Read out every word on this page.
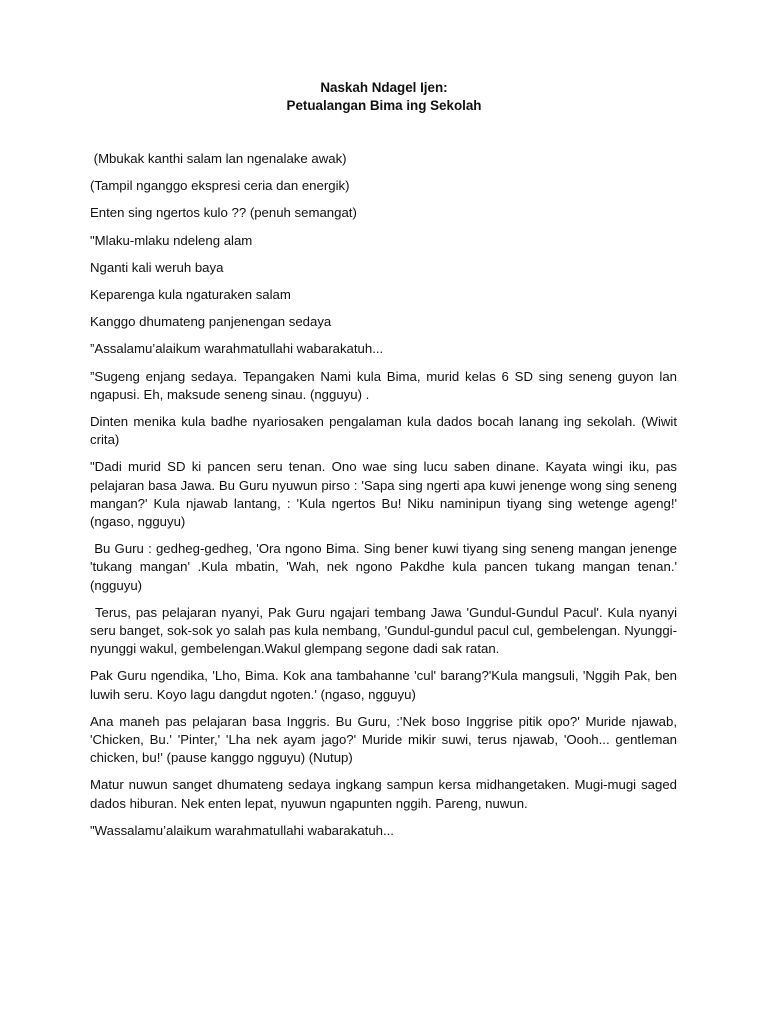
Naskah Ndagel Ijen:
Petualangan Bima ing Sekolah

(Mbukak kanthi salam lan ngenalake awak)

(Tampil nganggo ekspresi ceria dan energik)

Enten sing ngertos kulo ?? (penuh semangat)

"Mlaku-mlaku ndeleng alam

Nganti kali weruh baya

Keparenga kula ngaturaken salam

Kanggo dhumateng panjenengan sedaya

”Assalamu’alaikum warahmatullahi wabarakatuh...

”Sugeng enjang sedaya. Tepangaken Nami kula Bima, murid kelas 6 SD sing seneng guyon lan ngapusi. Eh, maksude seneng sinau. (ngguyu) .

Dinten menika kula badhe nyariosaken pengalaman kula dados bocah lanang ing sekolah. (Wiwit crita)

"Dadi murid SD ki pancen seru tenan. Ono wae sing lucu saben dinane. Kayata wingi iku, pas pelajaran basa Jawa. Bu Guru nyuwun pirso : 'Sapa sing ngerti apa kuwi jenenge wong sing seneng mangan?' Kula njawab lantang, : 'Kula ngertos Bu! Niku naminipun tiyang sing wetenge ageng!' (ngaso, ngguyu)

Bu Guru : gedheg-gedheg, 'Ora ngono Bima. Sing bener kuwi tiyang sing seneng mangan jenenge 'tukang mangan' .Kula mbatin, 'Wah, nek ngono Pakdhe kula pancen tukang mangan tenan.' (ngguyu)

Terus, pas pelajaran nyanyi, Pak Guru ngajari tembang Jawa 'Gundul-Gundul Pacul'. Kula nyanyi seru banget, sok-sok yo salah pas kula nembang, 'Gundul-gundul pacul cul, gembelengan. Nyunggi-nyunggi wakul, gembelengan.Wakul glempang segone dadi sak ratan.

Pak Guru ngendika, 'Lho, Bima. Kok ana tambahanne 'cul' barang?'Kula mangsuli, 'Nggih Pak, ben luwih seru. Koyo lagu dangdut ngoten.' (ngaso, ngguyu)

Ana maneh pas pelajaran basa Inggris. Bu Guru, :'Nek boso Inggrise pitik opo?' Muride njawab, 'Chicken, Bu.' 'Pinter,' 'Lha nek ayam jago?' Muride mikir suwi, terus njawab, 'Oooh... gentleman chicken, bu!' (pause kanggo ngguyu) (Nutup)

Matur nuwun sanget dhumateng sedaya ingkang sampun kersa midhangetaken. Mugi-mugi saged dados hiburan. Nek enten lepat, nyuwun ngapunten nggih. Pareng, nuwun.

"Wassalamu’alaikum warahmatullahi wabarakatuh...
